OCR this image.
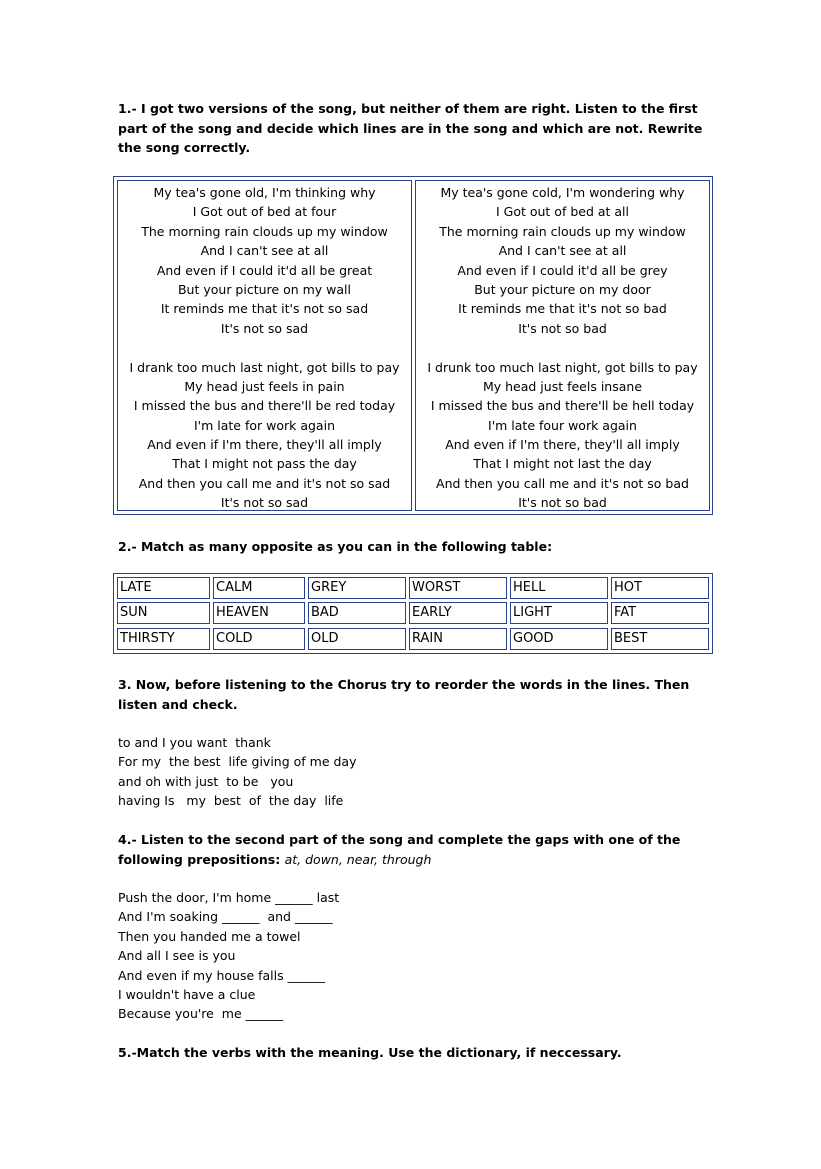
1.- I got two versions of the song, but neither of them are right. Listen to the first part of the song and decide which lines are in the song and which are not. Rewrite the song correctly.
My tea's gone old, I'm thinking why
I Got out of bed at four
The morning rain clouds up my window
And I can't see at all
And even if I could it'd all be great
But your picture on my wall
It reminds me that it's not so sad
It's not so sad
I drank too much last night, got bills to pay
My head just feels in pain
I missed the bus and there'll be red today
I'm late for work again
And even if I'm there, they'll all imply
That I might not pass the day
And then you call me and it's not so sad
It's not so sad
My tea's gone cold, I'm wondering why
I Got out of bed at all
The morning rain clouds up my window
And I can't see at all
And even if I could it'd all be grey
But your picture on my door
It reminds me that it's not so bad
It's not so bad
I drunk too much last night, got bills to pay
My head just feels insane
I missed the bus and there'll be hell today
I'm late four work again
And even if I'm there, they'll all imply
That I might not last the day
And then you call me and it's not so bad
It's not so bad
2.- Match as many opposite as you can in the following table:
LATE	CALM	GREY	WORST	HELL	HOT
SUN	HEAVEN	BAD	EARLY	LIGHT	FAT
THIRSTY	COLD	OLD	RAIN	GOOD	BEST
3. Now, before listening to the Chorus try to reorder the words in the lines. Then listen and check.
to and I you want  thank
For my  the best  life giving of me day
and oh with just  to be   you
having Is   my  best  of  the day  life
4.- Listen to the second part of the song and complete the gaps with one of the following prepositions: at, down, near, through
Push the door, I'm home ______ last
And I'm soaking ______  and ______
Then you handed me a towel
And all I see is you
And even if my house falls ______
I wouldn't have a clue
Because you're  me ______
5.-Match the verbs with the meaning. Use the dictionary, if neccessary.
